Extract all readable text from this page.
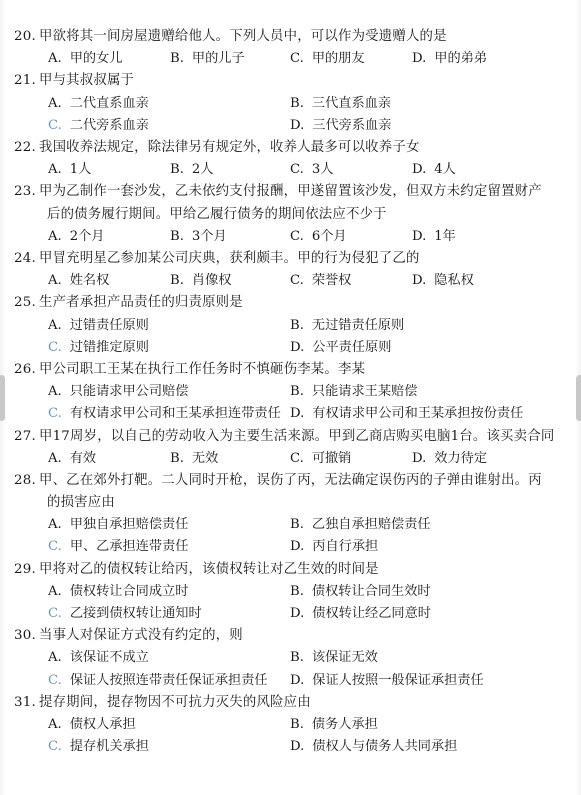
20. 甲欲将其一间房屋遗赠给他人。下列人员中，可以作为受遗赠人的是
A. 甲的女儿	B. 甲的儿子	C. 甲的朋友	D. 甲的弟弟
21. 甲与其叔叔属于
A. 二代直系血亲	B. 三代直系血亲
C. 二代旁系血亲	D. 三代旁系血亲
22. 我国收养法规定，除法律另有规定外，收养人最多可以收养子女
A. 1人	B. 2人	C. 3人	D. 4人
23. 甲为乙制作一套沙发，乙未依约支付报酬，甲遂留置该沙发，但双方未约定留置财产
后的债务履行期间。甲给乙履行债务的期间依法应不少于
A. 2个月	B. 3个月	C. 6个月	D. 1年
24. 甲冒充明星乙参加某公司庆典，获利颇丰。甲的行为侵犯了乙的
A. 姓名权	B. 肖像权	C. 荣誉权	D. 隐私权
25. 生产者承担产品责任的归责原则是
A. 过错责任原则	B. 无过错责任原则
C. 过错推定原则	D. 公平责任原则
26. 甲公司职工王某在执行工作任务时不慎砸伤李某。李某
A. 只能请求甲公司赔偿	B. 只能请求王某赔偿
C. 有权请求甲公司和王某承担连带责任 D. 有权请求甲公司和王某承担按份责任
27. 甲17周岁，以自己的劳动收入为主要生活来源。甲到乙商店购买电脑1台。该买卖合同
A. 有效	B. 无效	C. 可撤销	D. 效力待定
28. 甲、乙在郊外打靶。二人同时开枪，误伤了丙，无法确定误伤丙的子弹由谁射出。丙
的损害应由
A. 甲独自承担赔偿责任	B. 乙独自承担赔偿责任
C. 甲、乙承担连带责任	D. 丙自行承担
29. 甲将对乙的债权转让给丙，该债权转让对乙生效的时间是
A. 债权转让合同成立时	B. 债权转让合同生效时
C. 乙接到债权转让通知时	D. 债权转让经乙同意时
30. 当事人对保证方式没有约定的，则
A. 该保证不成立	B. 该保证无效
C. 保证人按照连带责任保证承担责任 D. 保证人按照一般保证承担责任
31. 提存期间，提存物因不可抗力灭失的风险应由
A. 债权人承担	B. 债务人承担
C. 提存机关承担	D. 债权人与债务人共同承担
